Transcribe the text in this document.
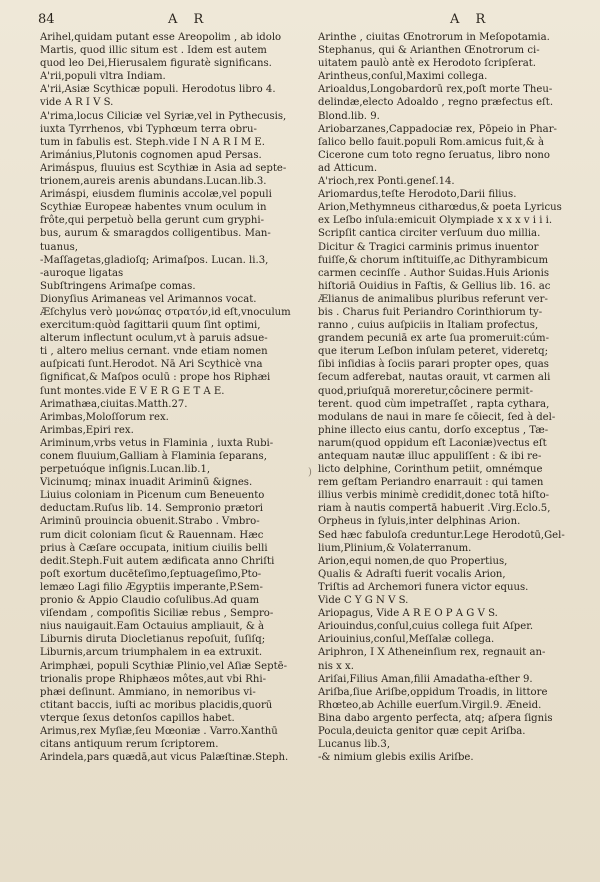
84	A R	A R
Arihel,quidam putant esse Areopolim , ab idolo
Martis, quod illic situm est . Idem est autem
quod leo Dei,Hierusalem figuratè significans.
A'rii,populi vltra Indiam.
A'rii,Asiæ Scythicæ populi. Herodotus libro 4.
vide A R I V S.
A'rima,locus Ciliciæ vel Syriæ,vel in Pythecusis,
iuxta Tyrrhenos, vbi Typhœum terra obru-
tum in fabulis est. Steph.vide I N A R I M E.
Arimánius,Plutonis cognomen apud Persas.
Arimáspus, fluuius est Scythiæ in Asia ad septe-
trionem,aureis arenis abundans.Lucan.lib.3.
Arimáspi, eiusdem fluminis accolæ,vel populi
Scythiæ Europeæ habentes vnum oculum in
frôte,qui perpetuò bella gerunt cum gryphi-
bus, aurum & smaragdos colligentibus. Man-
tuanus,
-Maſſagetas,gladioſq; Arimaſpos. Lucan. li.3,
-auroque ligatas
Subſtringens Arimaſpe comas.
Dionyſius Arimaneas vel Arimannos vocat.
Æſchylus verò μονώπας στρατόν,id eſt,vnoculum
exercitum:quòd ſagittarii quum ſint optimi,
alterum inflectunt oculum,vt à paruis adsue-
ti , altero melius cernant. vnde etiam nomen
auſpicati ſunt.Herodot. Nā Ari Scythicè vna
ſignificat,& Maſpos oculū : prope hos Riphæi
ſunt montes.vide E V E R G E T A E.
Arimathæa,ciuitas.Matth.27.
Arimbas,Moloſſorum rex.
Arimbas,Epiri rex.
Ariminum,vrbs vetus in Flaminia , iuxta Rubi-
conem fluuium,Galliam à Flaminia ſeparans,
perpetuóque inſignis.Lucan.lib.1,
Vicinumq; minax inuadit Ariminū &ignes.
Liuius coloniam in Picenum cum Beneuento
deductam.Ruſus lib. 14. Sempronio prætori
Ariminū prouincia obuenit.Strabo . Vmbro-
rum dicit coloniam ſicut & Rauennam. Hæc
prius à Cæſare occupata, initium ciuilis belli
dedit.Steph.Fuit autem ædificata anno Chriſti
poſt exortum ducēteſimo,ſeptuageſimo,Pto-
lemæo Lagi filio Ægyptiis imperante,P.Sem-
pronio & Appio Claudio coſulibus.Ad quam
viſendam , compoſitis Siciliæ rebus , Sempro-
nius nauigauit.Eam Octauius ampliauit, & à
Liburnis diruta Diocletianus repoſuit, ſuſiſq;
Liburnis,arcum triumphalem in ea extruxit.
Arimphæi, populi Scythiæ Plinio,vel Aſiæ Septē-
trionalis prope Rhiphæos môtes,aut vbi Rhi-
phæi deſinunt. Ammiano, in nemoribus vi-
ctitant baccis, iuſti ac moribus placidis,quorū
vterque ſexus detonſos capillos habet.
Arimus,rex Myſiæ,ſeu Mœoniæ . Varro.Xanthū
citans antiquum rerum ſcriptorem.
Arindela,pars quædā,aut vicus Palæſtinæ.Steph.
Arinthe , ciuitas Œnotrorum in Meſopotamia.
Stephanus, qui & Arianthen Œnotrorum ci-
uitatem paulò antè ex Herodoto ſcripſerat.
Arintheus,conſul,Maximi collega.
Arioaldus,Longobardorū rex,poſt morte Theu-
delindæ,electo Adoaldo , regno præfectus eſt.
Blond.lib. 9.
Ariobarzanes,Cappadociæ rex, Pōpeio in Phar-
ſalico bello fauit.populi Rom.amicus fuit,& à
Cicerone cum toto regno ſeruatus, libro nono
ad Atticum.
A'rioch,rex Ponti.geneſ.14.
Ariomardus,teſte Herodoto,Darii filius.
Arion,Methymneus citharœdus,& poeta Lyricus
ex Leſbo inſula:emicuit Olympiade x x x v i i i.
Scripſit cantica circiter verſuum duo millia.
Dicitur & Tragici carminis primus inuentor
fuiſſe,& chorum inſtituiſſe,ac Dithyrambicum
carmen cecinſſe . Author Suidas.Huis Arionis
hiſtoriā Ouidius in Faſtis, & Gellius lib. 16. ac
Ælianus de animalibus pluribus referunt ver-
bis . Charus fuit Periandro Corinthiorum ty-
ranno , cuius auſpiciis in Italiam profectus,
grandem pecuniā ex arte ſua promeruit:cúm-
que iterum Leſbon inſulam peteret, videretq;
ſibi inſidias à ſociis parari propter opes, quas
ſecum adferebat, nautas orauit, vt carmen ali
quod,priuſquā moreretur,côcinere permit-
terent. quod cùm impetraſſet , rapta cythara,
modulans de naui in mare ſe cōiecit, ſed à del-
phine illecto eius cantu, dorſo exceptus , Tæ-
narum(quod oppidum eſt Laconiæ)vectus eſt
antequam nautæ illuc appuliſſent : & ibi re-
licto delphine, Corinthum petiit, omnémque
rem geſtam Periandro enarrauit : qui tamen
illius verbis minimè credidit,donec totā hiſto-
riam à nautis compertā habuerit .Virg.Eclo.5,
Orpheus in ſyluis,inter delphinas Arion.
Sed hæc fabuloſa creduntur.Lege Herodotū,Gel-
lium,Plinium,& Volaterranum.
Arion,equi nomen,de quo Propertius,
Qualis & Adraſti fuerit vocalis Arion,
Triſtis ad Archemori funera victor equus.
Vide C Y G N V S.
Ariopagus, Vide A R E O P A G V S.
Ariouindus,conſul,cuius collega fuit Aſper.
Ariouinius,conſul,Meſſalæ collega.
Ariphron, I X Atheneinſium rex, regnauit an-
nis x x.
Ariſai,Filius Aman,filii Amadatha-eſther 9.
Ariſba,ſiue Ariſbe,oppidum Troadis, in littore
Rhœteo,ab Achille euerſum.Virgil.9. Æneid.
Bina dabo argento perfecta, atq; aſpera ſignis
Pocula,deuicta genitor quæ cepit Ariſba.
Lucanus lib.3,
-& nimium glebis exilis Ariſbe.
)
